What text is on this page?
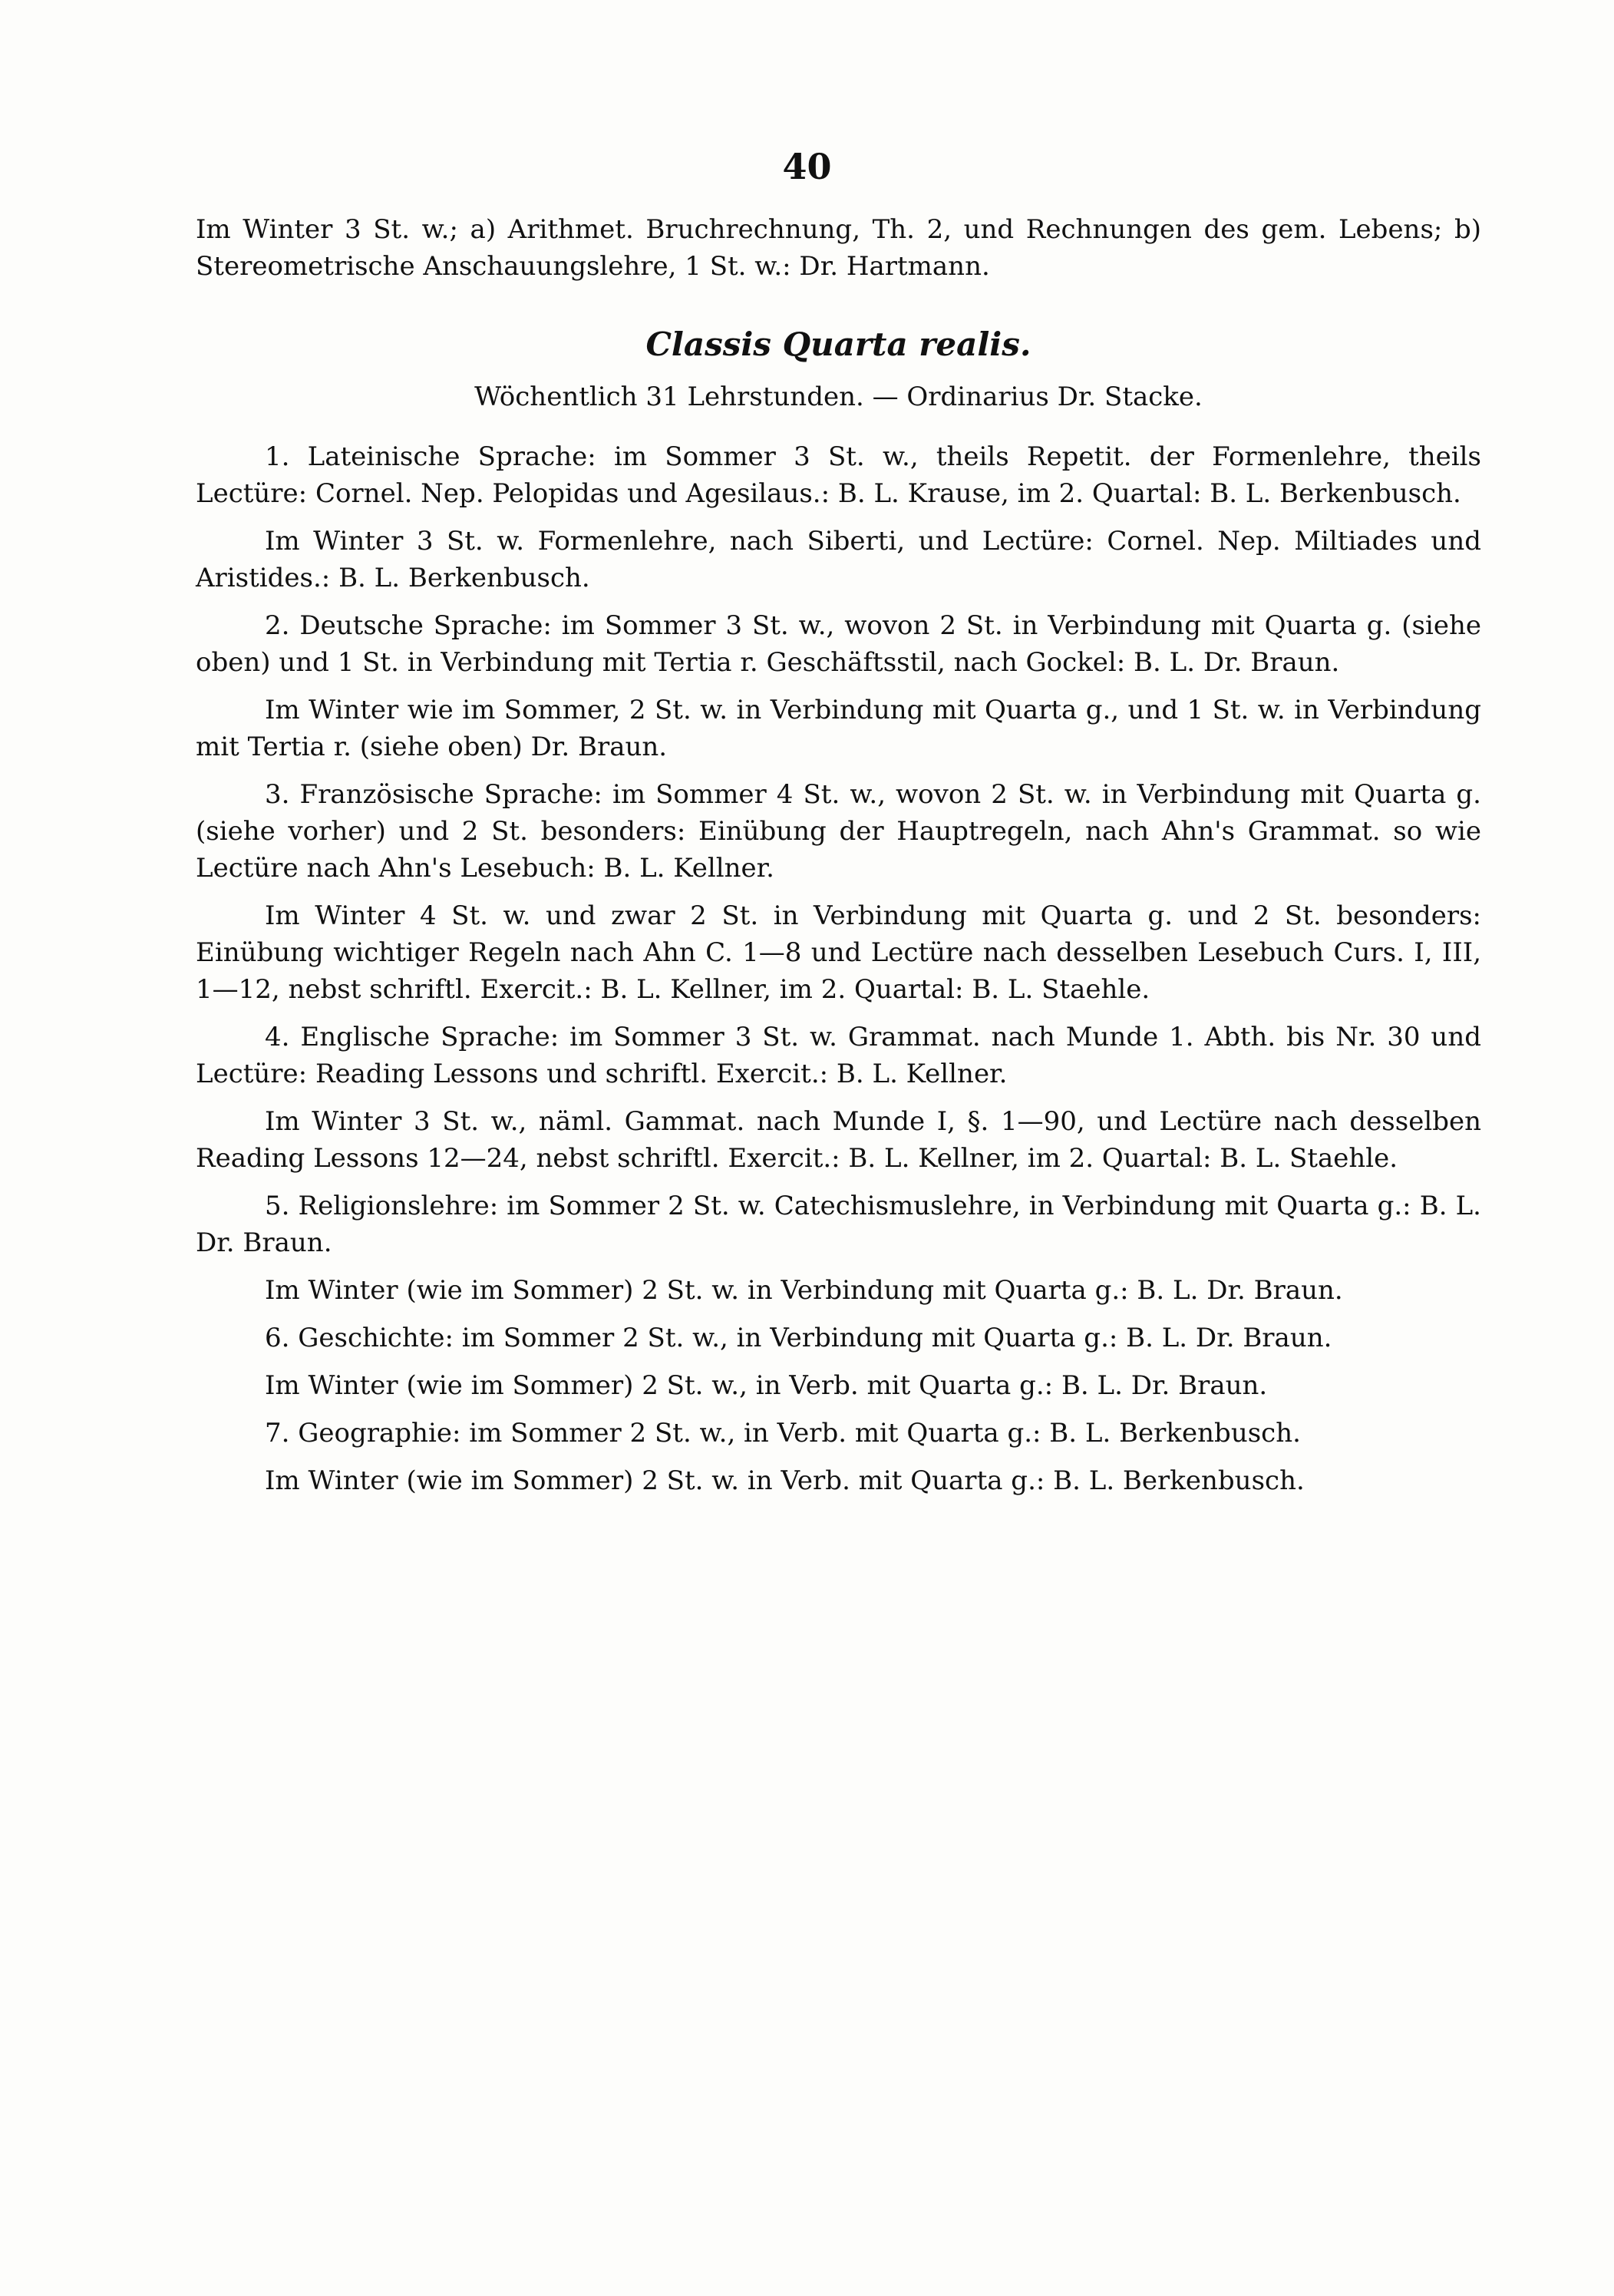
40

Im Winter 3 St. w.; a) Arithmet. Bruchrechnung, Th. 2, und Rechnungen des gem. Lebens; b) Stereometrische Anschauungslehre, 1 St. w.: Dr. Hartmann.

Classis Quarta realis.
Wöchentlich 31 Lehrstunden. — Ordinarius Dr. Stacke.

1. Lateinische Sprache: im Sommer 3 St. w., theils Repetit. der Formenlehre, theils Lectüre: Cornel. Nep. Pelopidas und Agesilaus.: B. L. Krause, im 2. Quartal: B. L. Berkenbusch.

Im Winter 3 St. w. Formenlehre, nach Siberti, und Lectüre: Cornel. Nep. Miltiades und Aristides.: B. L. Berkenbusch.

2. Deutsche Sprache: im Sommer 3 St. w., wovon 2 St. in Verbindung mit Quarta g. (siehe oben) und 1 St. in Verbindung mit Tertia r. Geschäftsstil, nach Gockel: B. L. Dr. Braun.

Im Winter wie im Sommer, 2 St. w. in Verbindung mit Quarta g., und 1 St. w. in Verbindung mit Tertia r. (siehe oben) Dr. Braun.

3. Französische Sprache: im Sommer 4 St. w., wovon 2 St. w. in Verbindung mit Quarta g. (siehe vorher) und 2 St. besonders: Einübung der Hauptregeln, nach Ahn's Grammat. so wie Lectüre nach Ahn's Lesebuch: B. L. Kellner.

Im Winter 4 St. w. und zwar 2 St. in Verbindung mit Quarta g. und 2 St. besonders: Einübung wichtiger Regeln nach Ahn C. 1—8 und Lectüre nach desselben Lesebuch Curs. I, III, 1—12, nebst schriftl. Exercit.: B. L. Kellner, im 2. Quartal: B. L. Staehle.

4. Englische Sprache: im Sommer 3 St. w. Grammat. nach Munde 1. Abth. bis Nr. 30 und Lectüre: Reading Lessons und schriftl. Exercit.: B. L. Kellner.

Im Winter 3 St. w., näml. Gammat. nach Munde I, §. 1—90, und Lectüre nach desselben Reading Lessons 12—24, nebst schriftl. Exercit.: B. L. Kellner, im 2. Quartal: B. L. Staehle.

5. Religionslehre: im Sommer 2 St. w. Catechismuslehre, in Verbindung mit Quarta g.: B. L. Dr. Braun.

Im Winter (wie im Sommer) 2 St. w. in Verbindung mit Quarta g.: B. L. Dr. Braun.

6. Geschichte: im Sommer 2 St. w., in Verbindung mit Quarta g.: B. L. Dr. Braun.

Im Winter (wie im Sommer) 2 St. w., in Verb. mit Quarta g.: B. L. Dr. Braun.

7. Geographie: im Sommer 2 St. w., in Verb. mit Quarta g.: B. L. Berkenbusch.

Im Winter (wie im Sommer) 2 St. w. in Verb. mit Quarta g.: B. L. Berkenbusch.
